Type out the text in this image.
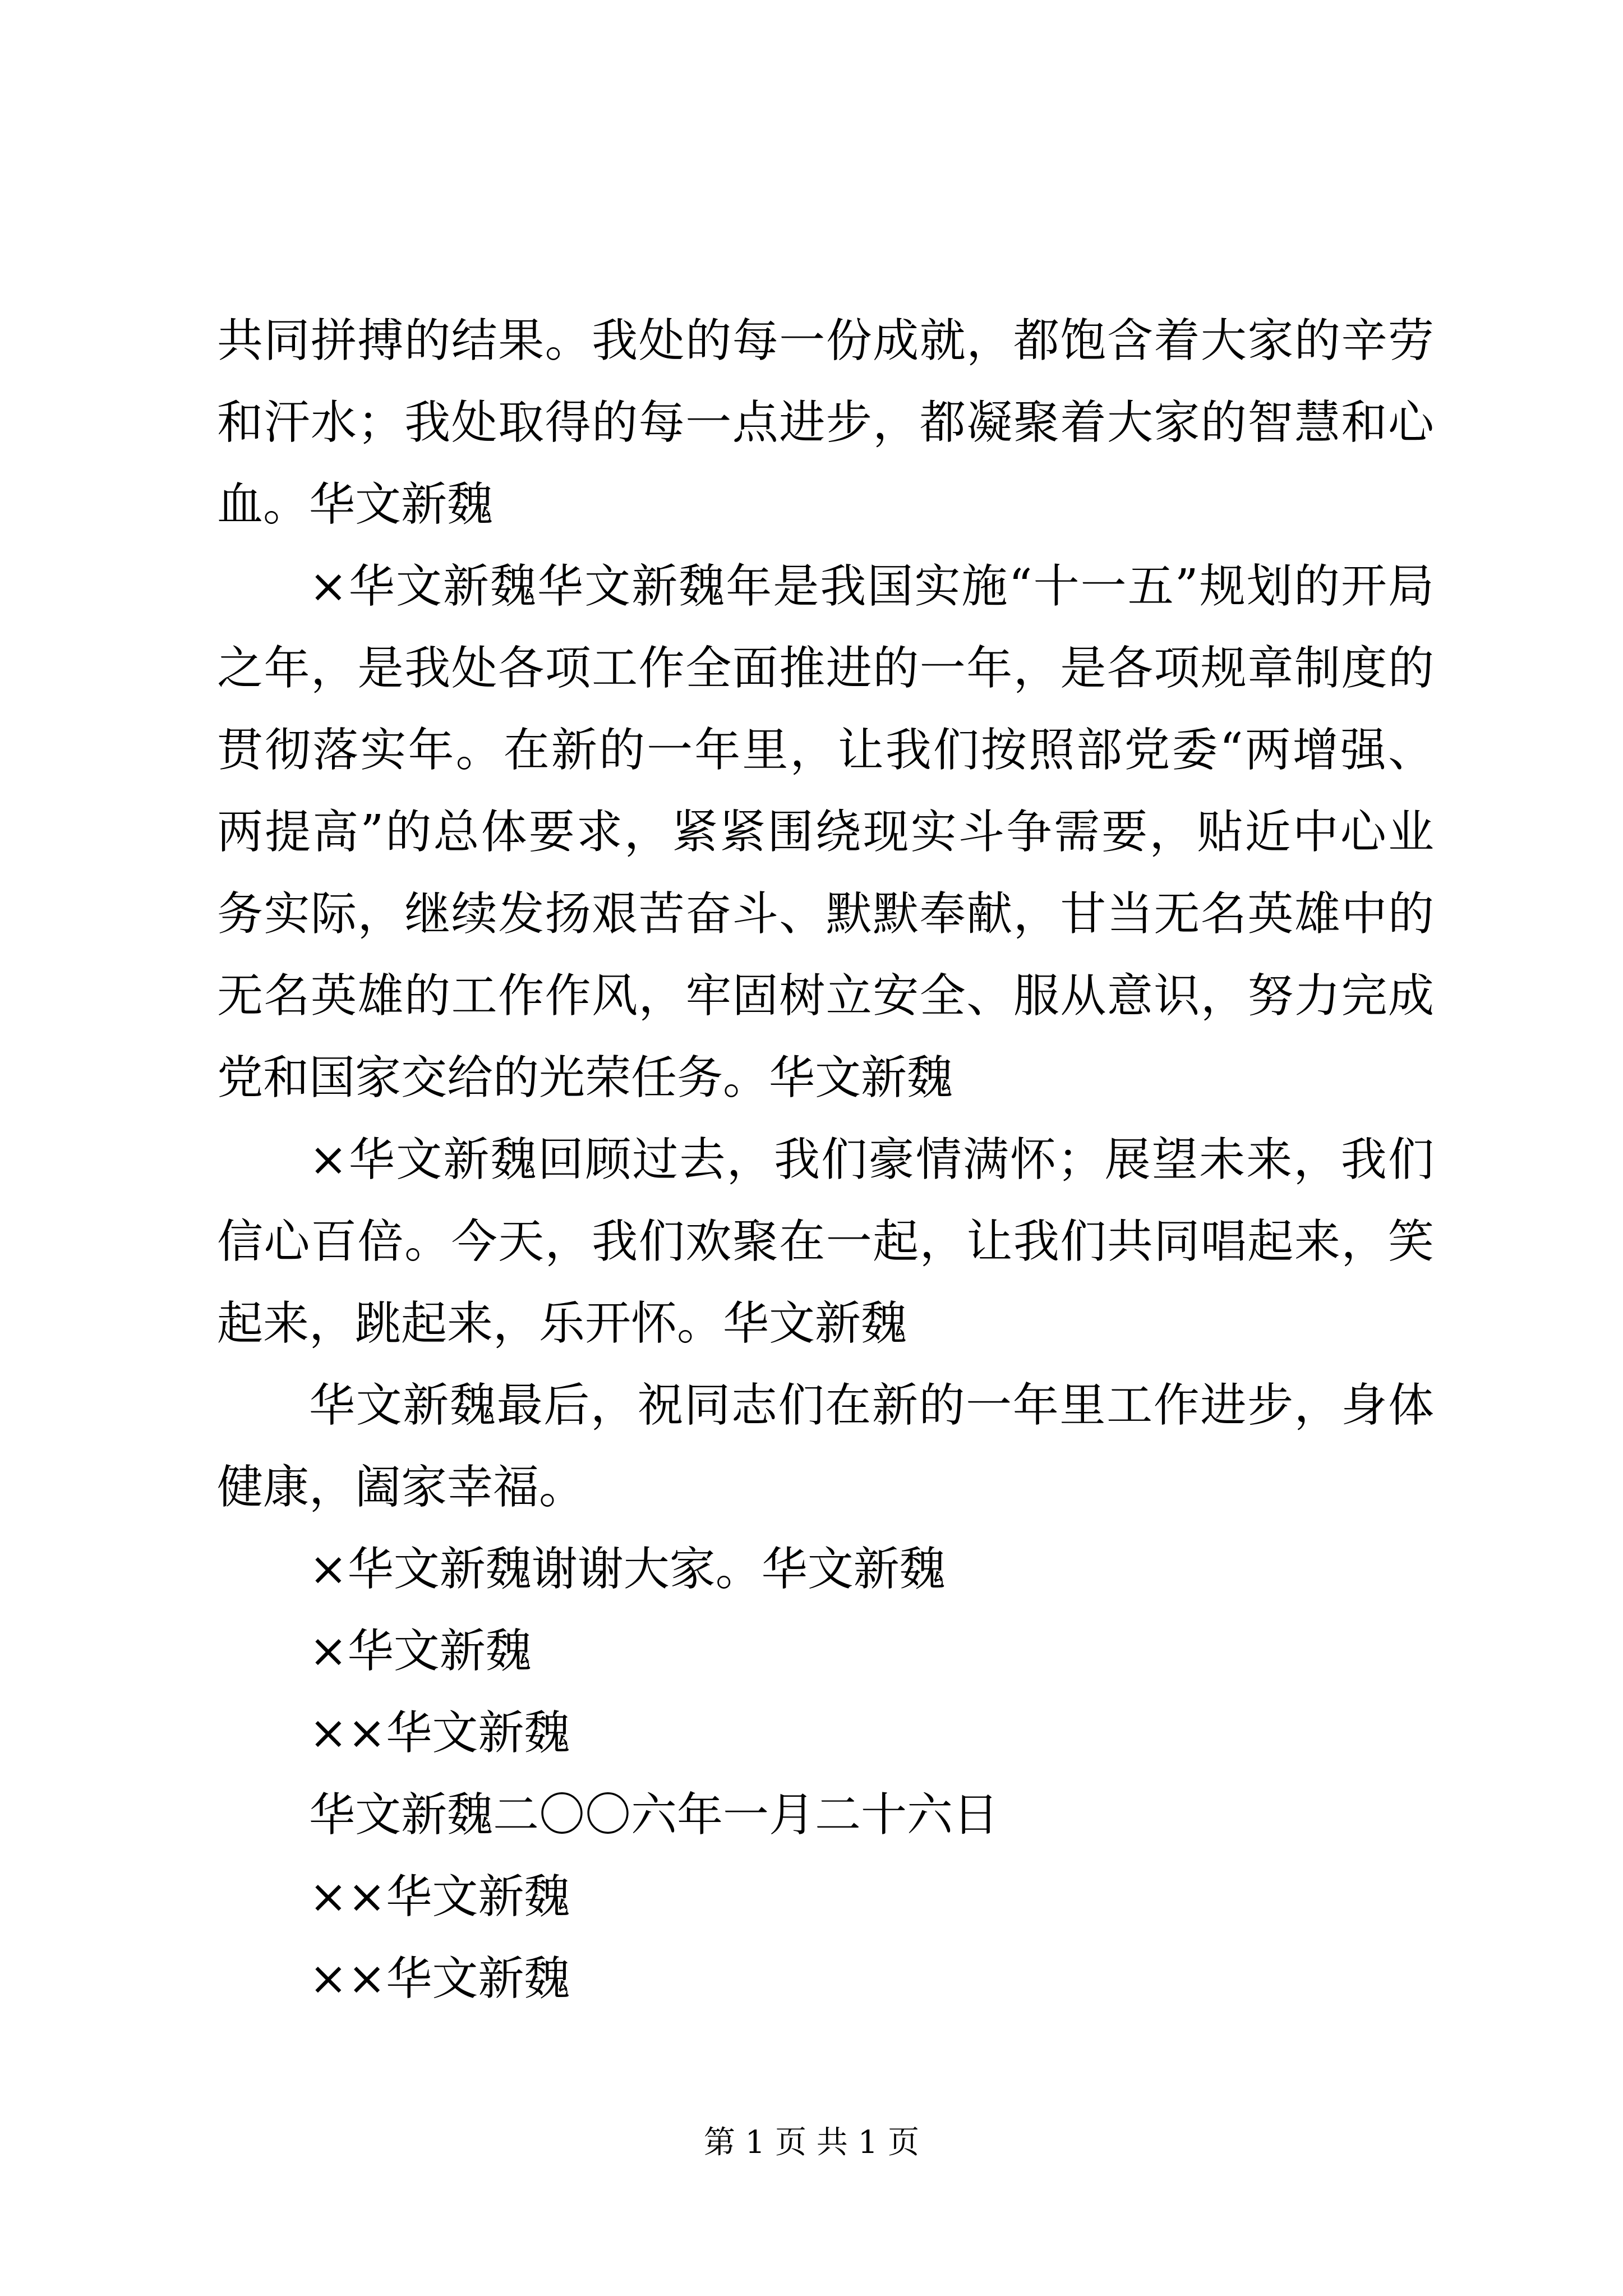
共同拼搏的结果。我处的每一份成就，都饱含着大家的辛劳和汗水；我处取得的每一点进步，都凝聚着大家的智慧和心血。华文新魏

×华文新魏华文新魏年是我国实施“十一五”规划的开局之年，是我处各项工作全面推进的一年，是各项规章制度的贯彻落实年。在新的一年里，让我们按照部党委“两增强、两提高”的总体要求，紧紧围绕现实斗争需要，贴近中心业务实际，继续发扬艰苦奋斗、默默奉献，甘当无名英雄中的无名英雄的工作作风，牢固树立安全、服从意识，努力完成党和国家交给的光荣任务。华文新魏

×华文新魏回顾过去，我们豪情满怀；展望未来，我们信心百倍。今天，我们欢聚在一起，让我们共同唱起来，笑起来，跳起来，乐开怀。华文新魏

华文新魏最后，祝同志们在新的一年里工作进步，身体健康，阖家幸福。

×华文新魏谢谢大家。华文新魏

×华文新魏

××华文新魏

华文新魏二〇〇六年一月二十六日

××华文新魏

××华文新魏

第 1 页 共 1 页
